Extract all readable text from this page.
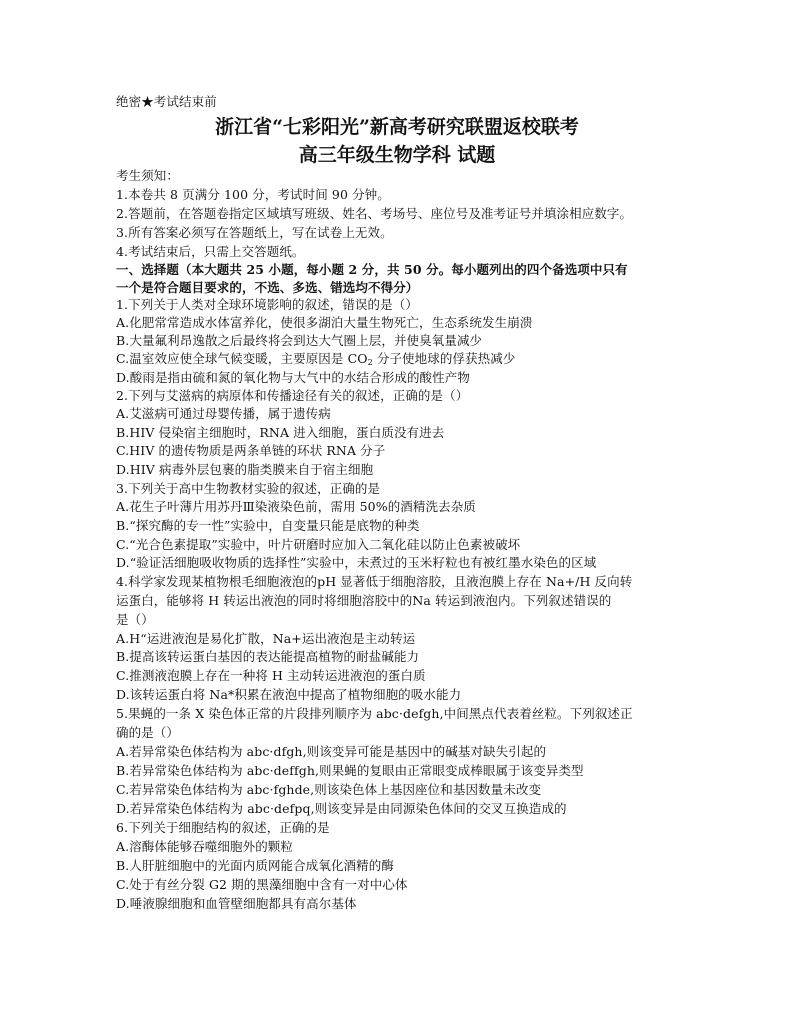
绝密★考试结束前
浙江省“七彩阳光”新高考研究联盟返校联考
高三年级生物学科 试题
考生须知：
1.本卷共 8 页满分 100 分，考试时间 90 分钟。
2.答题前，在答题卷指定区域填写班级、姓名、考场号、座位号及准考证号并填涂相应数字。
3.所有答案必须写在答题纸上，写在试卷上无效。
4.考试结束后，只需上交答题纸。
一、选择题（本大题共 25 小题，每小题 2 分，共 50 分。每小题列出的四个备选项中只有
一个是符合题目要求的，不选、多选、错选均不得分）
1.下列关于人类对全球环境影响的叙述，错误的是（）
A.化肥常常造成水体富养化，使很多湖泊大量生物死亡，生态系统发生崩溃
B.大量氟利昂逸散之后最终将会到达大气圈上层，并使臭氧量减少
C.温室效应使全球气候变暖，主要原因是 $CO_2$ 分子使地球的俘获热减少
D.酸雨是指由硫和氮的氧化物与大气中的水结合形成的酸性产物
2.下列与艾滋病的病原体和传播途径有关的叙述，正确的是（）
A.艾滋病可通过母婴传播，属于遗传病
B.HIV 侵染宿主细胞时，RNA 进入细胞，蛋白质没有进去
C.HIV 的遗传物质是两条单链的环状 RNA 分子
D.HIV 病毒外层包裹的脂类膜来自于宿主细胞
3.下列关于高中生物教材实验的叙述，正确的是
A.花生子叶薄片用苏丹Ⅲ染液染色前，需用 50%的酒精洗去杂质
B.“探究酶的专一性”实验中，自变量只能是底物的种类
C.“光合色素提取”实验中，叶片研磨时应加入二氧化硅以防止色素被破坏
D.“验证活细胞吸收物质的选择性”实验中，未煮过的玉米籽粒也有被红墨水染色的区域
4.科学家发现某植物根毛细胞液泡的pH 显著低于细胞溶胶，且液泡膜上存在 Na+/H 反向转
运蛋白，能够将 H 转运出液泡的同时将细胞溶胶中的Na 转运到液泡内。下列叙述错误的
是（）
A.H“运进液泡是易化扩散，Na+运出液泡是主动转运
B.提高该转运蛋白基因的表达能提高植物的耐盐碱能力
C.推测液泡膜上存在一种将 H 主动转运进液泡的蛋白质
D.该转运蛋白将 Na*积累在液泡中提高了植物细胞的吸水能力
5.果蝇的一条 X 染色体正常的片段排列顺序为 abc·defgh,中间黑点代表着丝粒。下列叙述正
确的是（）
A.若异常染色体结构为 abc·dfgh,则该变异可能是基因中的碱基对缺失引起的
B.若异常染色体结构为 abc·deffgh,则果蝇的复眼由正常眼变成棒眼属于该变异类型
C.若异常染色体结构为 abc·fghde,则该染色体上基因座位和基因数量未改变
D.若异常染色体结构为 abc·defpq,则该变异是由同源染色体间的交叉互换造成的
6.下列关于细胞结构的叙述，正确的是
A.溶酶体能够吞噬细胞外的颗粒
B.人肝脏细胞中的光面内质网能合成氧化酒精的酶
C.处于有丝分裂 G2 期的黑藻细胞中含有一对中心体
D.唾液腺细胞和血管壁细胞都具有高尔基体
